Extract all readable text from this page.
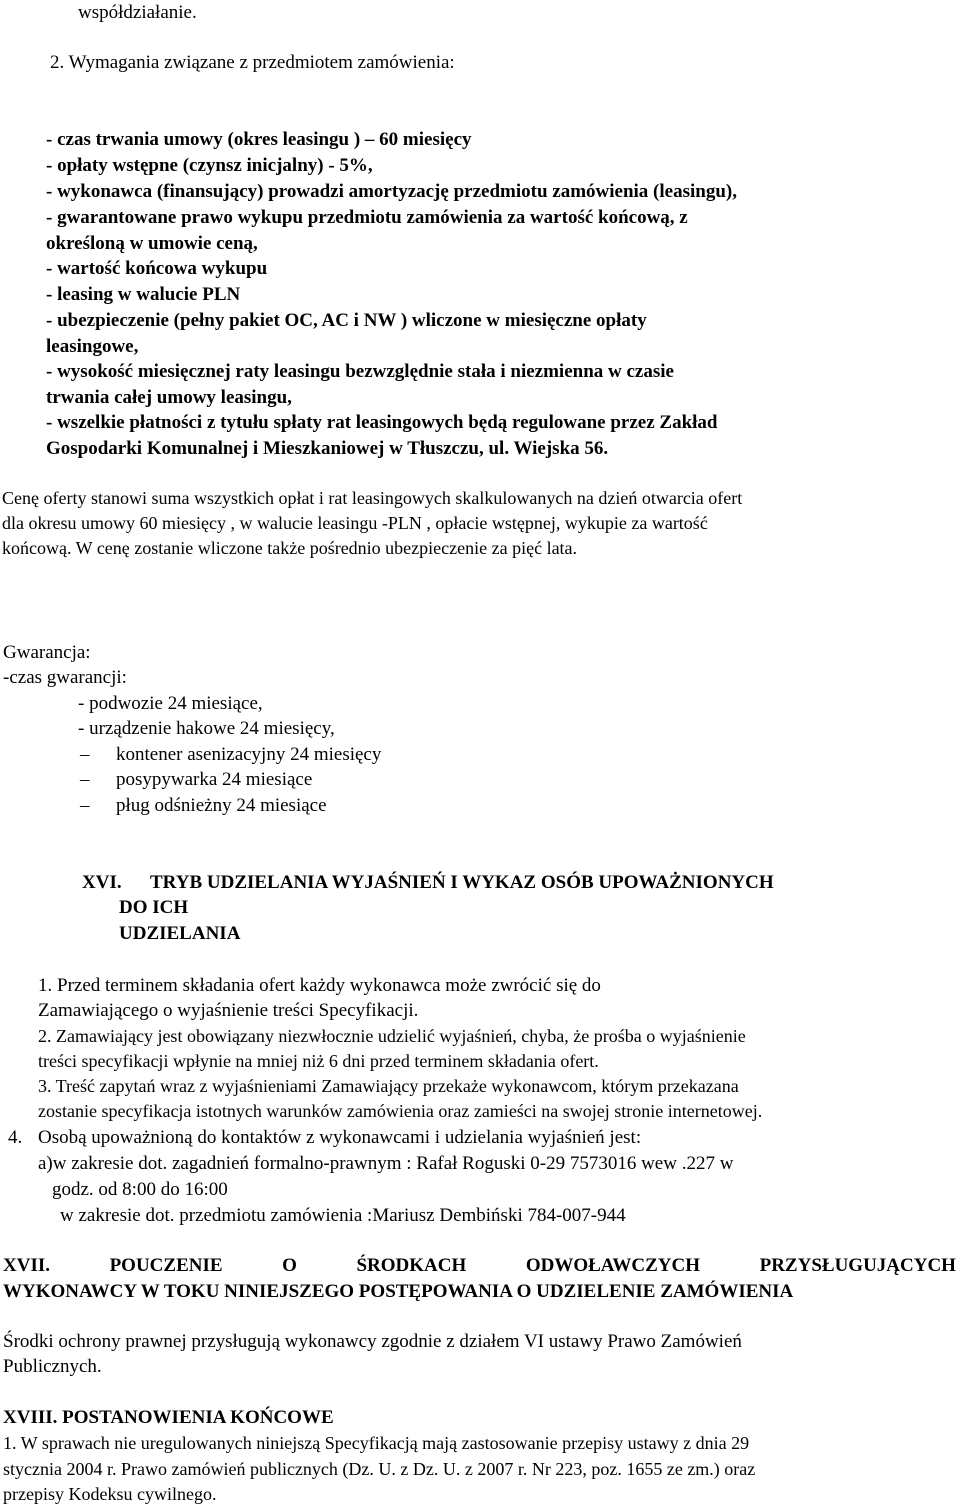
współdziałanie.
2. Wymagania związane z przedmiotem zamówienia:
- czas trwania umowy (okres leasingu ) – 60 miesięcy
- opłaty wstępne (czynsz inicjalny) - 5%,
- wykonawca (finansujący) prowadzi amortyzację przedmiotu zamówienia (leasingu),
- gwarantowane prawo wykupu przedmiotu zamówienia za wartość końcową, z
określoną w umowie ceną,
- wartość końcowa wykupu
- leasing w walucie PLN
- ubezpieczenie (pełny pakiet OC, AC i NW ) wliczone w miesięczne opłaty
leasingowe,
- wysokość miesięcznej raty leasingu bezwzględnie stała i niezmienna w czasie
trwania całej umowy leasingu,
- wszelkie płatności z tytułu spłaty rat leasingowych będą regulowane przez Zakład
Gospodarki Komunalnej i Mieszkaniowej w Tłuszczu, ul. Wiejska 56.
Cenę oferty stanowi suma wszystkich opłat i rat leasingowych skalkulowanych na dzień otwarcia ofert
dla okresu umowy 60 miesięcy , w walucie leasingu -PLN , opłacie wstępnej, wykupie za wartość
końcową. W cenę zostanie wliczone także pośrednio ubezpieczenie za pięć lata.
Gwarancja:
-czas gwarancji:
- podwozie 24 miesiące,
- urządzenie hakowe 24 miesięcy,
– kontener asenizacyjny 24 miesięcy
– posypywarka 24 miesiące
– pług odśnieżny 24 miesiące
XVI. TRYB UDZIELANIA WYJAŚNIEŃ I WYKAZ OSÓB UPOWAŻNIONYCH
DO ICH
UDZIELANIA
1. Przed terminem składania ofert każdy wykonawca może zwrócić się do
Zamawiającego o wyjaśnienie treści Specyfikacji.
2. Zamawiający jest obowiązany niezwłocznie udzielić wyjaśnień, chyba, że prośba o wyjaśnienie
treści specyfikacji wpłynie na mniej niż 6 dni przed terminem składania ofert.
3. Treść zapytań wraz z wyjaśnieniami Zamawiający przekaże wykonawcom, którym przekazana
zostanie specyfikacja istotnych warunków zamówienia oraz zamieści na swojej stronie internetowej.
4. Osobą upoważnioną do kontaktów z wykonawcami i udzielania wyjaśnień jest:
a)w zakresie dot. zagadnień formalno-prawnym : Rafał Roguski 0-29 7573016 wew .227 w
godz. od 8:00 do 16:00
w zakresie dot. przedmiotu zamówienia :Mariusz Dembiński 784-007-944
XVII.	POUCZENIE	O	ŚRODKACH	ODWOŁAWCZYCH	PRZYSŁUGUJĄCYCH
WYKONAWCY W TOKU NINIEJSZEGO POSTĘPOWANIA O UDZIELENIE ZAMÓWIENIA
Środki ochrony prawnej przysługują wykonawcy zgodnie z działem VI ustawy Prawo Zamówień
Publicznych.
XVIII. POSTANOWIENIA KOŃCOWE
1. W sprawach nie uregulowanych niniejszą Specyfikacją mają zastosowanie przepisy ustawy z dnia 29
stycznia 2004 r. Prawo zamówień publicznych (Dz. U. z Dz. U. z 2007 r. Nr 223, poz. 1655 ze zm.) oraz
przepisy Kodeksu cywilnego.
